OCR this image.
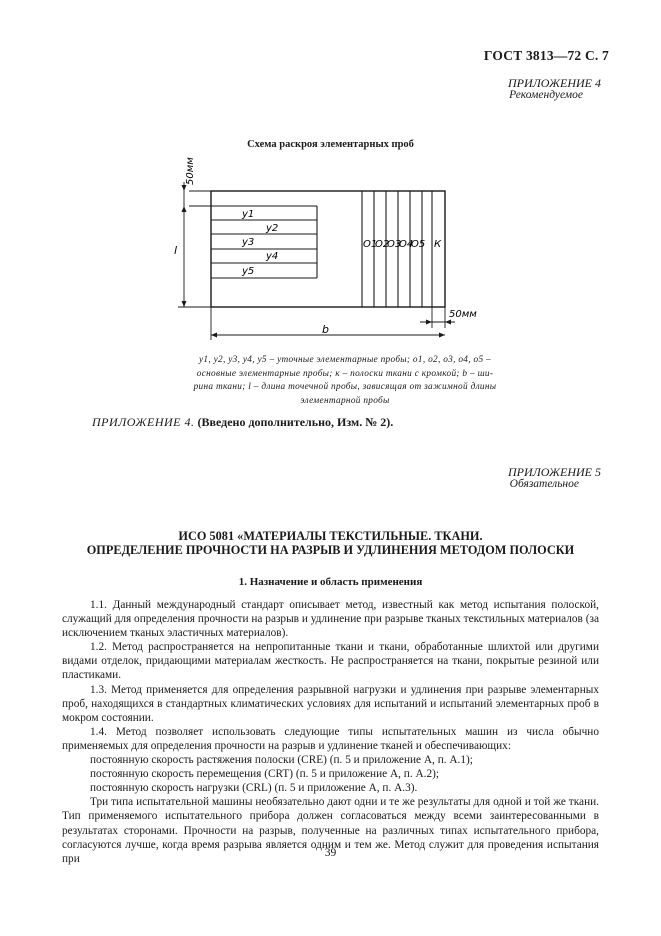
ГОСТ 3813—72 С. 7
ПРИЛОЖЕНИЕ 4
Рекомендуемое
Схема раскроя элементарных проб
50мм
l
у1
у2
у3
у4
у5
О1
О2
О3
О4
О5 К
50мм
b
у1, у2, у3, у4, у5 – уточные элементарные пробы; о1, о2, о3, о4, о5 –
основные элементарные пробы; к – полоски ткани с кромкой; b – ши-
рина ткани; l – длина точечной пробы, зависящая от зажимной длины
элементарной пробы
ПРИЛОЖЕНИЕ 4. (Введено дополнительно, Изм. № 2).
ПРИЛОЖЕНИЕ 5
Обязательное
ИСО 5081 «МАТЕРИАЛЫ ТЕКСТИЛЬНЫЕ. ТКАНИ.
ОПРЕДЕЛЕНИЕ ПРОЧНОСТИ НА РАЗРЫВ И УДЛИНЕНИЯ МЕТОДОМ ПОЛОСКИ
1. Назначение и область применения

1.1. Данный международный стандарт описывает метод, известный как метод испытания полоской, служащий для определения прочности на разрыв и удлинение при разрыве тканых текстильных материалов (за исключением тканых эластичных материалов).

1.2. Метод распространяется на непропитанные ткани и ткани, обработанные шлихтой или другими видами отделок, придающими материалам жесткость. Не распространяется на ткани, покрытые резиной или пластиками.

1.3. Метод применяется для определения разрывной нагрузки и удлинения при разрыве элементарных проб, находящихся в стандартных климатических условиях для испытаний и испытаний элементарных проб в мокром состоянии.

1.4. Метод позволяет использовать следующие типы испытательных машин из числа обычно применяемых для определения прочности на разрыв и удлинение тканей и обеспечивающих:

постоянную скорость растяжения полоски (CRE) (п. 5 и приложение А, п. А.1);

постоянную скорость перемещения (CRT) (п. 5 и приложение А, п. А.2);

постоянную скорость нагрузки (CRL) (п. 5 и приложение А, п. А.3).

Три типа испытательной машины необязательно дают одни и те же результаты для одной и той же ткани. Тип применяемого испытательного прибора должен согласоваться между всеми заинтересованными в результатах сторонами. Прочности на разрыв, полученные на различных типах испытательного прибора, согласуются лучше, когда время разрыва является одним и тем же. Метод служит для проведения испытания при	39
